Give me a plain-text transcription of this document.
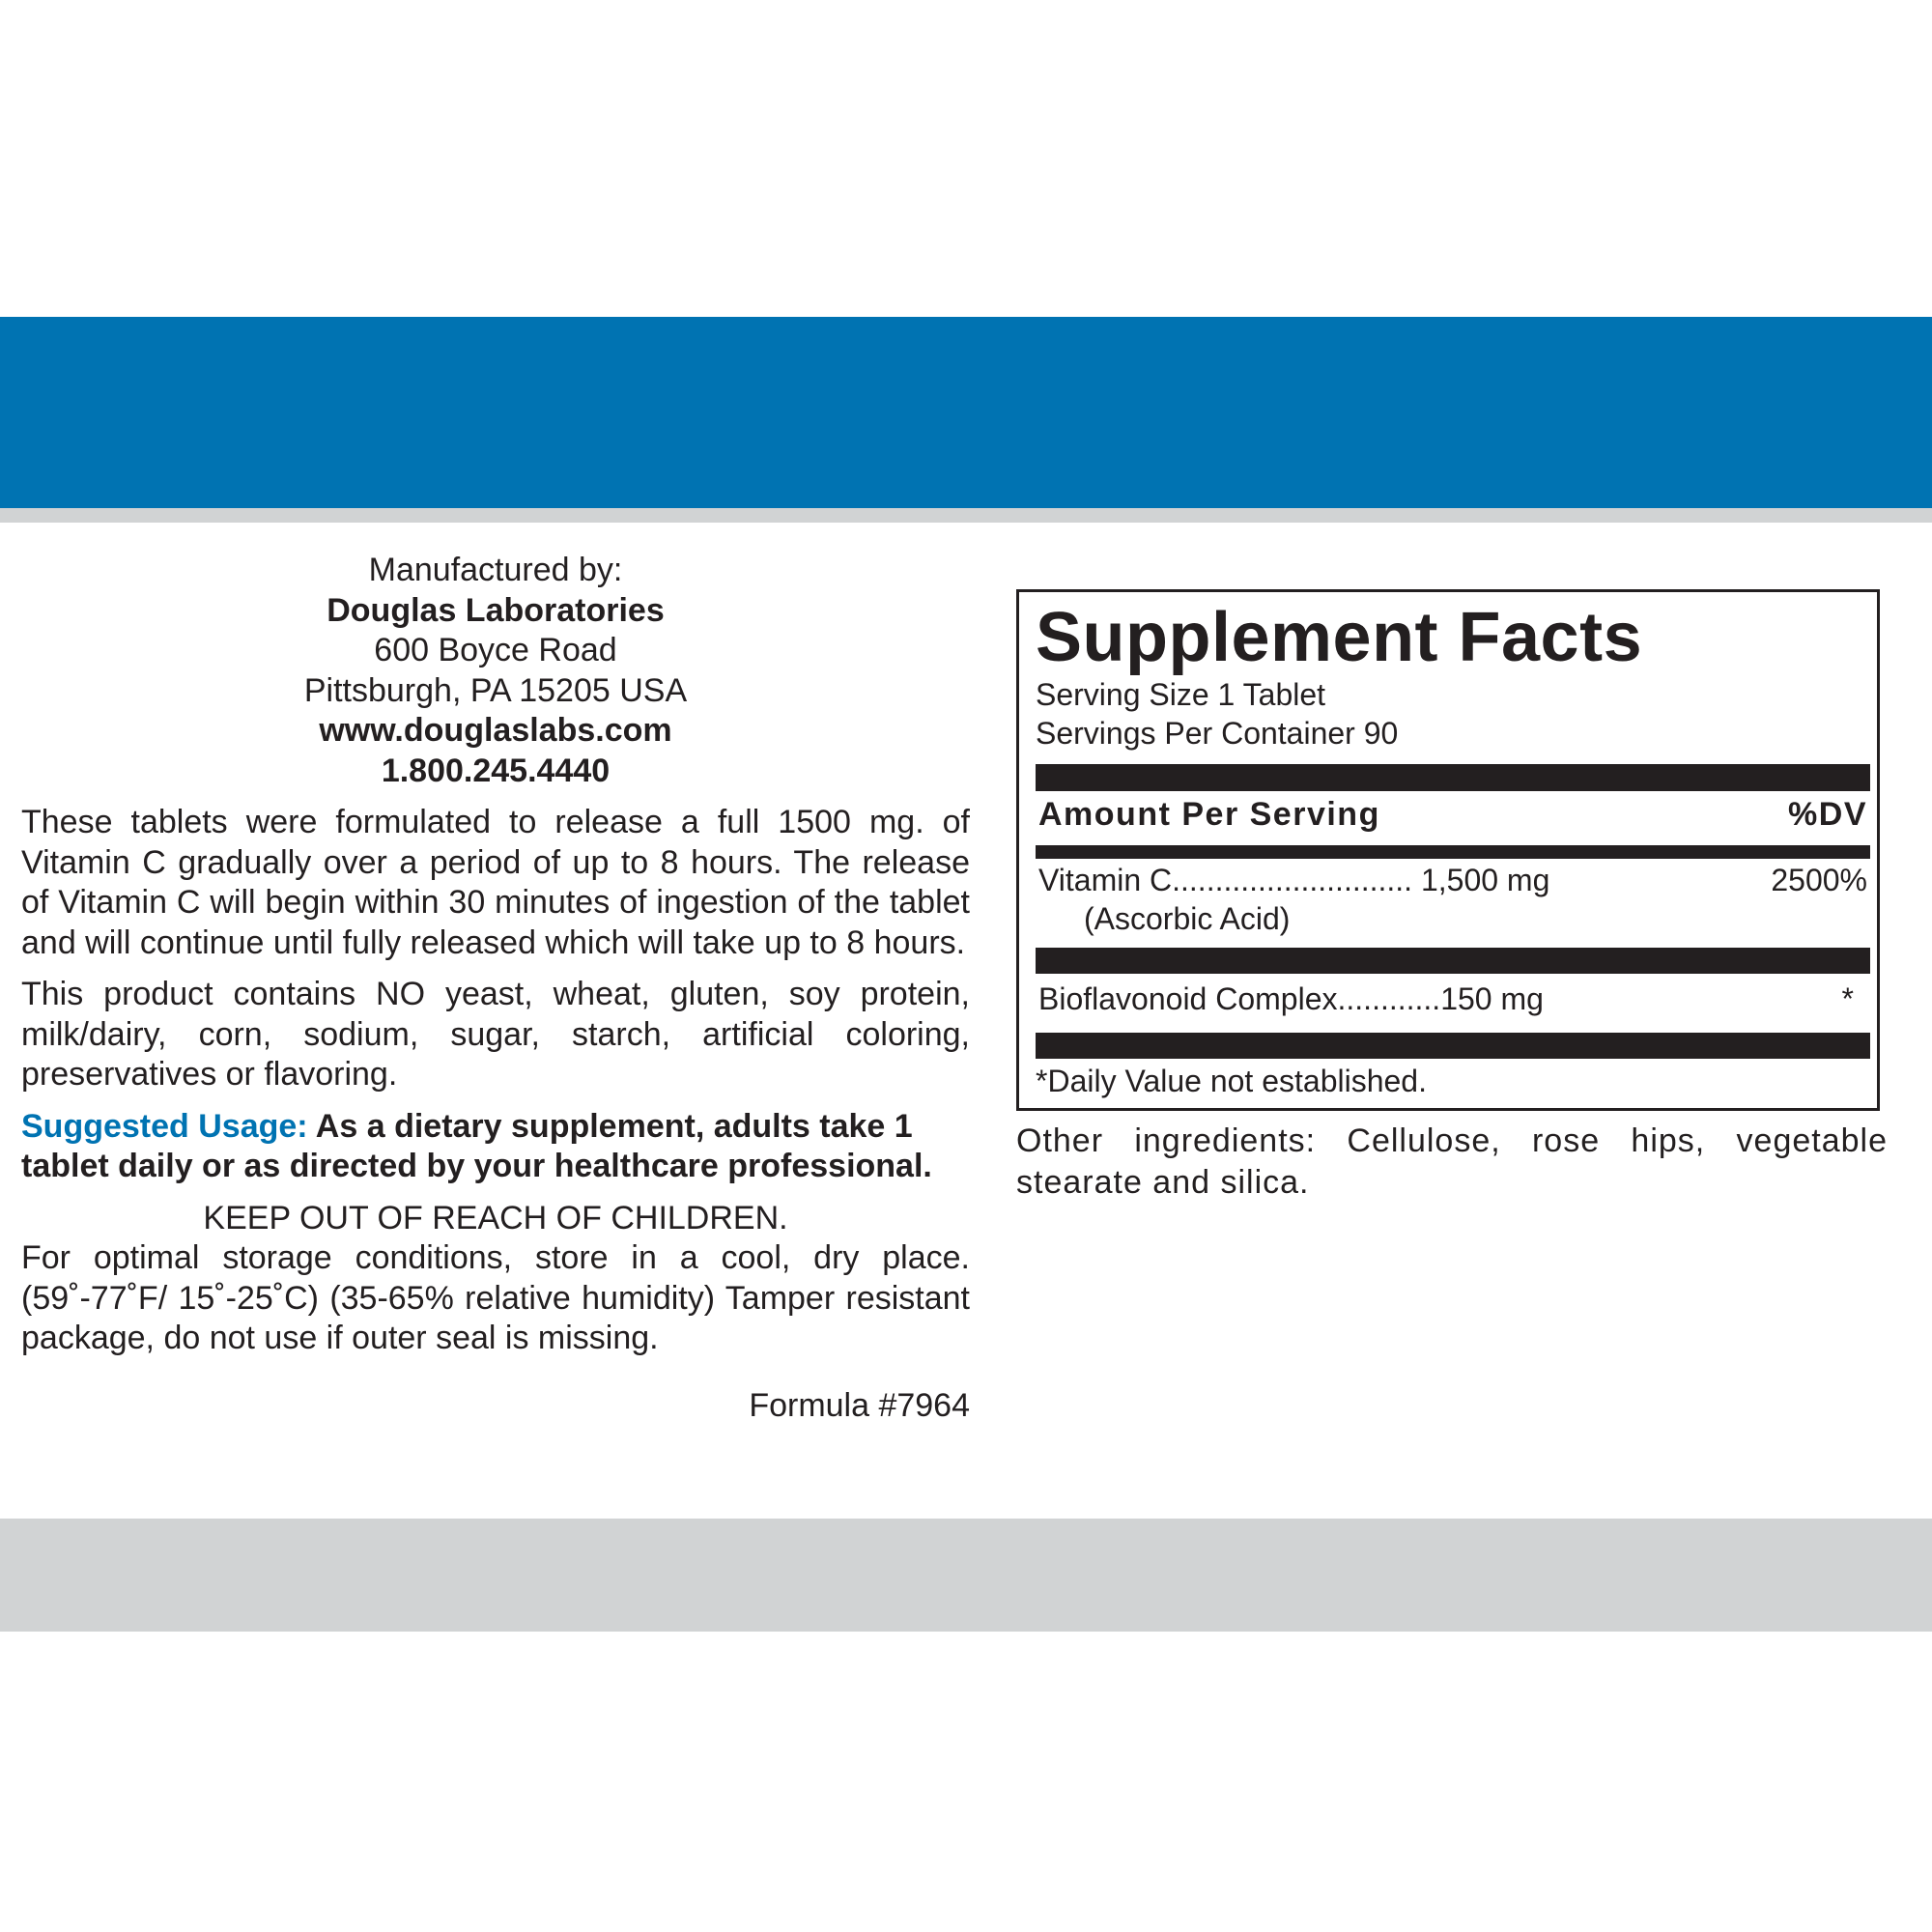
Manufactured by:
Douglas Laboratories
600 Boyce Road
Pittsburgh, PA 15205 USA
www.douglaslabs.com
1.800.245.4440

These tablets were formulated to release a full 1500 mg. of Vitamin C gradually over a period of up to 8 hours. The release of Vitamin C will begin within 30 minutes of ingestion of the tablet and will continue until fully released which will take up to 8 hours.

This product contains NO yeast, wheat, gluten, soy protein, milk/dairy, corn, sodium, sugar, starch, artificial coloring, preservatives or flavoring.

Suggested Usage: As a dietary supplement, adults take 1 tablet daily or as directed by your healthcare professional.

KEEP OUT OF REACH OF CHILDREN.

For optimal storage conditions, store in a cool, dry place. (59˚-77˚F/ 15˚-25˚C) (35-65% relative humidity) Tamper resistant package, do not use if outer seal is missing.

Formula #7964
Supplement Facts
Serving Size 1 Tablet
Servings Per Container 90
Amount Per Serving	%DV
Vitamin C............................ 1,500 mg	2500%
(Ascorbic Acid)
Bioflavonoid Complex............150 mg	*
*Daily Value not established.
Other ingredients: Cellulose, rose hips, vegetable stearate and silica.
